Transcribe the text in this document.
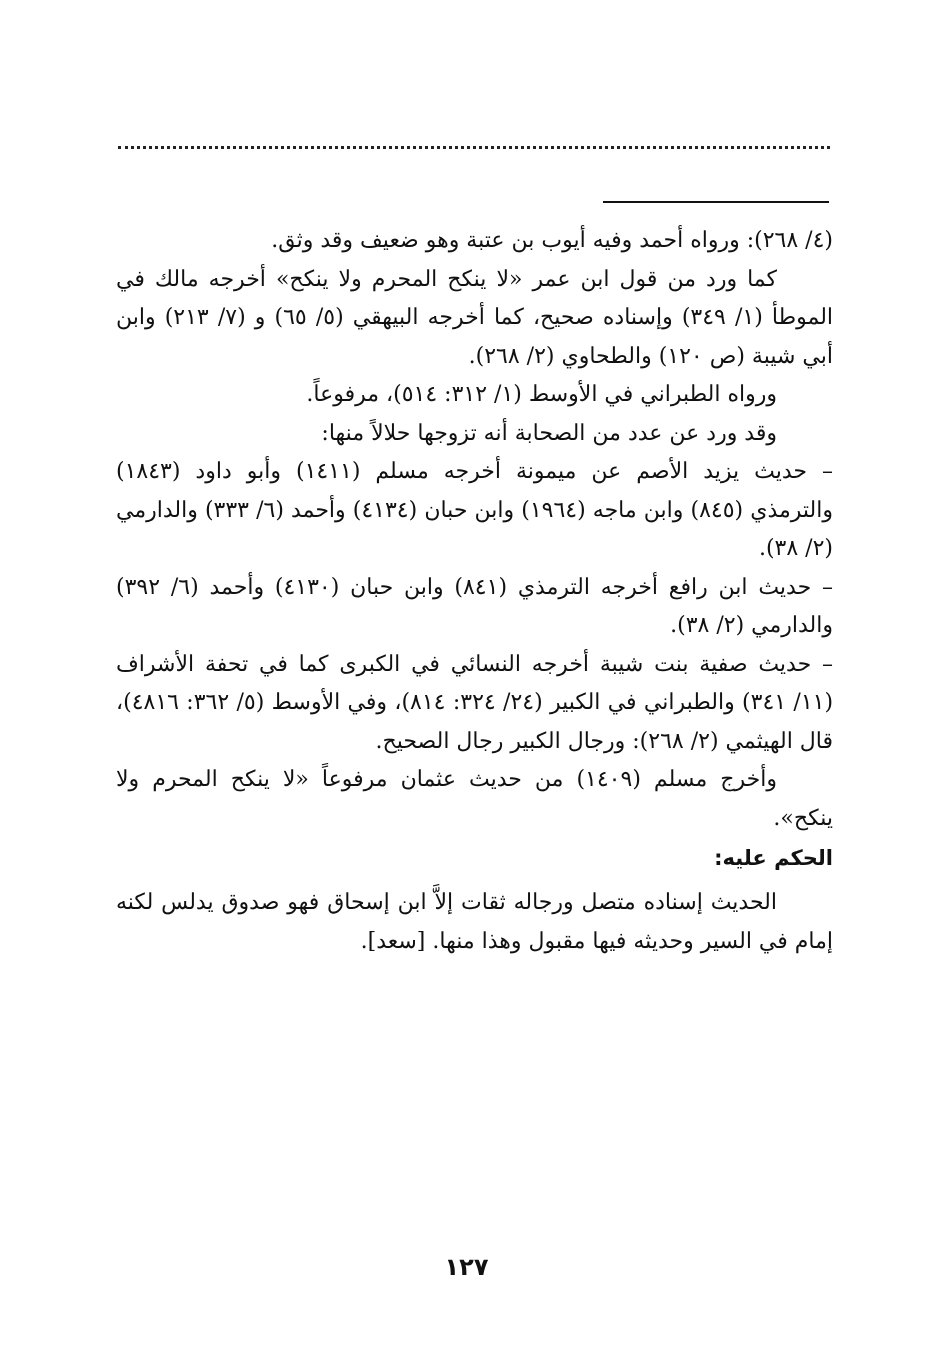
(٤/ ٢٦٨): ورواه أحمد وفيه أيوب بن عتبة وهو ضعيف وقد وثق.

كما ورد من قول ابن عمر «لا ينكح المحرم ولا ينكح» أخرجه مالك في الموطأ (١/ ٣٤٩) وإسناده صحيح، كما أخرجه البيهقي (٥/ ٦٥) و (٧/ ٢١٣) وابن أبي شيبة (ص ١٢٠) والطحاوي (٢/ ٢٦٨).

ورواه الطبراني في الأوسط (١/ ٣١٢: ٥١٤)، مرفوعاً.

وقد ورد عن عدد من الصحابة أنه تزوجها حلالاً منها:

– حديث يزيد الأصم عن ميمونة أخرجه مسلم (١٤١١) وأبو داود (١٨٤٣) والترمذي (٨٤٥) وابن ماجه (١٩٦٤) وابن حبان (٤١٣٤) وأحمد (٦/ ٣٣٣) والدارمي (٢/ ٣٨).

– حديث ابن رافع أخرجه الترمذي (٨٤١) وابن حبان (٤١٣٠) وأحمد (٦/ ٣٩٢) والدارمي (٢/ ٣٨).

– حديث صفية بنت شيبة أخرجه النسائي في الكبرى كما في تحفة الأشراف (١١/ ٣٤١) والطبراني في الكبير (٢٤/ ٣٢٤: ٨١٤)، وفي الأوسط (٥/ ٣٦٢: ٤٨١٦)، قال الهيثمي (٢/ ٢٦٨): ورجال الكبير رجال الصحيح.

وأخرج مسلم (١٤٠٩) من حديث عثمان مرفوعاً «لا ينكح المحرم ولا ينكح».

الحكم عليه:

الحديث إسناده متصل ورجاله ثقات إلاَّ ابن إسحاق فهو صدوق يدلس لكنه إمام في السير وحديثه فيها مقبول وهذا منها. [سعد].

١٢٧
